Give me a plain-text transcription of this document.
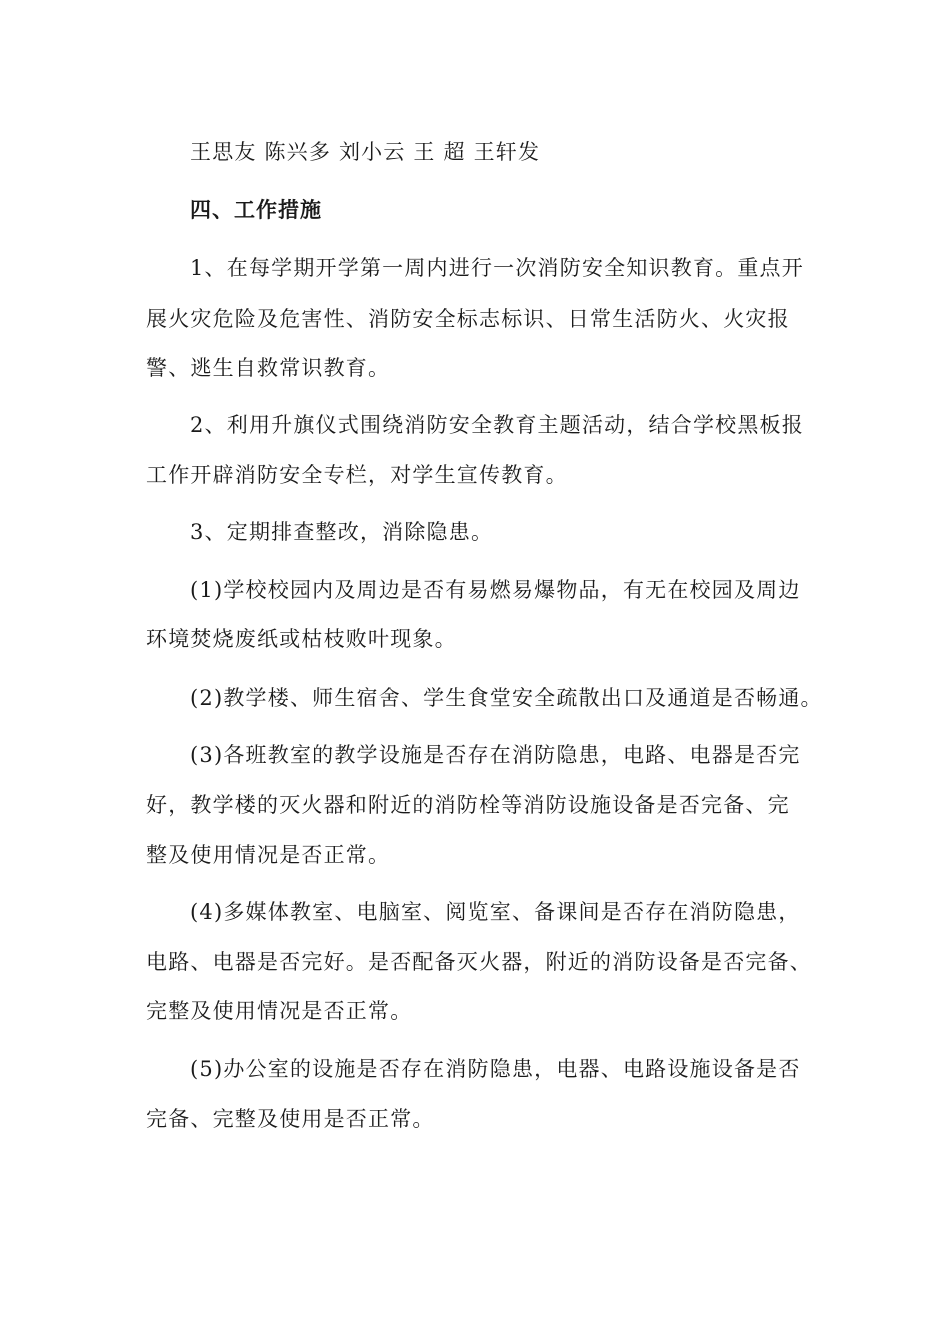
王思友 陈兴多 刘小云 王 超 王轩发
四、工作措施
1、在每学期开学第一周内进行一次消防安全知识教育。重点开
展火灾危险及危害性、消防安全标志标识、日常生活防火、火灾报
警、逃生自救常识教育。
2、利用升旗仪式围绕消防安全教育主题活动，结合学校黑板报
工作开辟消防安全专栏，对学生宣传教育。
3、定期排查整改，消除隐患。
(1)学校校园内及周边是否有易燃易爆物品，有无在校园及周边
环境焚烧废纸或枯枝败叶现象。
(2)教学楼、师生宿舍、学生食堂安全疏散出口及通道是否畅通。
(3)各班教室的教学设施是否存在消防隐患，电路、电器是否完
好，教学楼的灭火器和附近的消防栓等消防设施设备是否完备、完
整及使用情况是否正常。
(4)多媒体教室、电脑室、阅览室、备课间是否存在消防隐患，
电路、电器是否完好。是否配备灭火器，附近的消防设备是否完备、
完整及使用情况是否正常。
(5)办公室的设施是否存在消防隐患，电器、电路设施设备是否
完备、完整及使用是否正常。
